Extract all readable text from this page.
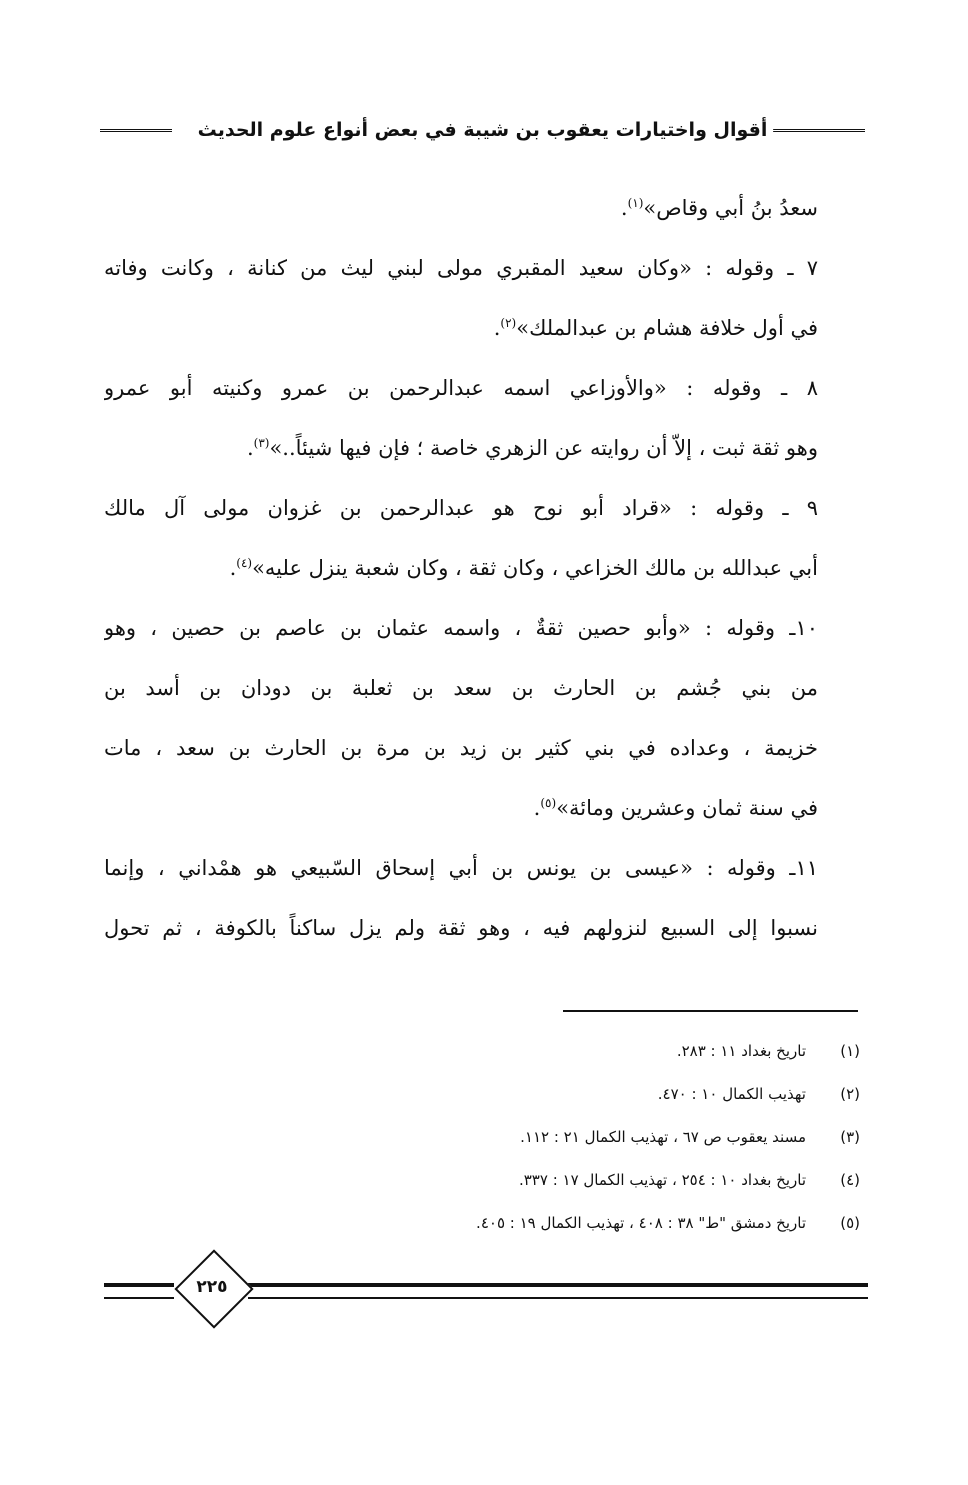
أقوال واختيارات يعقوب بن شيبة في بعض أنواع علوم الحديث
سعدُ بنُ أبي وقاص»$^{(١)}$.
٧ ـ وقوله : «وكان سعيد المقبري مولى لبني ليث من كنانة ، وكانت وفاته
في أول خلافة هشام بن عبدالملك»$^{(٢)}$.
٨ ـ وقوله : «والأوزاعي اسمه عبدالرحمن بن عمرو وكنيته أبو عمرو
وهو ثقة ثبت ، إلاّ أن روايته عن الزهري خاصة ؛ فإن فيها شيئاً..»$^{(٣)}$.
٩ ـ وقوله : «قراد أبو نوح هو عبدالرحمن بن غزوان مولى آل مالك
أبي عبدالله بن مالك الخزاعي ، وكان ثقة ، وكان شعبة ينزل عليه»$^{(٤)}$.
١٠ـ وقوله : «وأبو حصين ثقةٌ ، واسمه عثمان بن عاصم بن حصين ، وهو
من بني جُشم بن الحارث بن سعد بن ثعلبة بن دودان بن أسد بن
خزيمة ، وعداده في بني كثير بن زيد بن مرة بن الحارث بن سعد ، مات
في سنة ثمان وعشرين ومائة»$^{(٥)}$.
١١ـ وقوله : «عيسى بن يونس بن أبي إسحاق السّبيعي هو همْداني ، وإنما
نسبوا إلى السبيع لنزولهم فيه ، وهو ثقة ولم يزل ساكناً بالكوفة ، ثم تحول
(١)
تاريخ بغداد ١١ : ٢٨٣.
(٢)
تهذيب الكمال ١٠ : ٤٧٠.
(٣)
مسند يعقوب ص ٦٧ ، تهذيب الكمال ٢١ : ١١٢.
(٤)
تاريخ بغداد ١٠ : ٢٥٤ ، تهذيب الكمال ١٧ : ٣٣٧.
(٥)
تاريخ دمشق "ط" ٣٨ : ٤٠٨ ، تهذيب الكمال ١٩ : ٤٠٥.
٢٢٥
